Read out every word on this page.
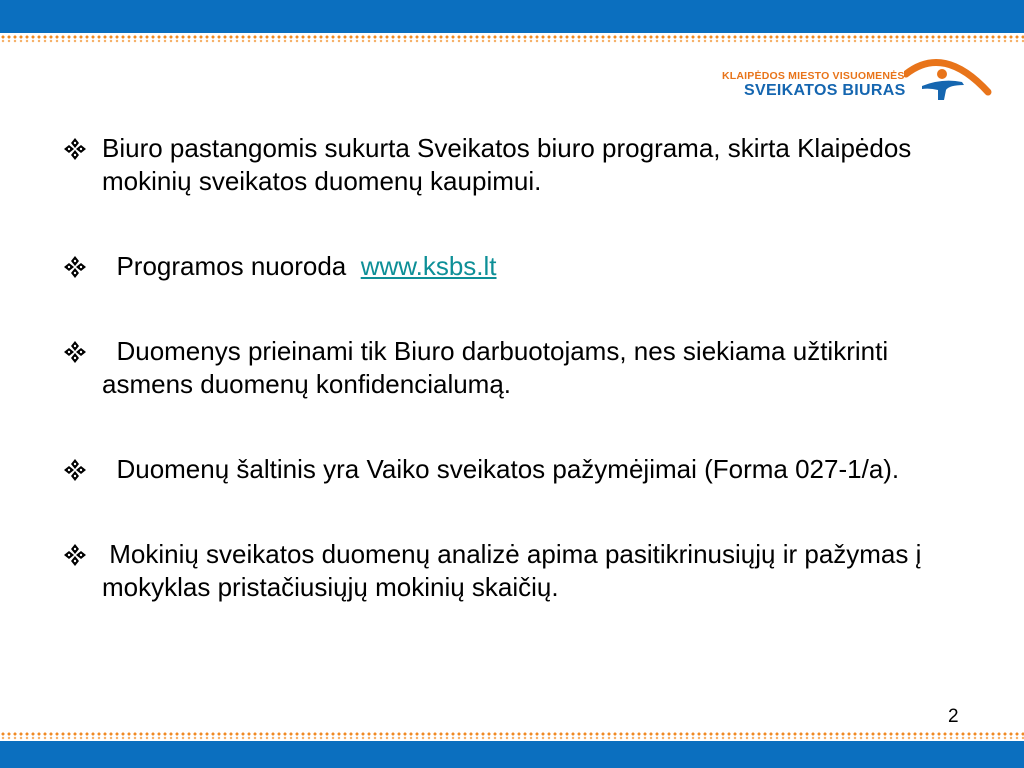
KLAIPĖDOS MIESTO VISUOMENĖS
SVEIKATOS BIURAS
Biuro pastangomis sukurta Sveikatos biuro programa, skirta Klaipėdos mokinių sveikatos duomenų kaupimui.
Programos nuoroda  www.ksbs.lt
Duomenys prieinami tik Biuro darbuotojams, nes siekiama užtikrinti asmens duomenų konfidencialumą.
Duomenų šaltinis yra Vaiko sveikatos pažymėjimai (Forma 027-1/a).
Mokinių sveikatos duomenų analizė apima pasitikrinusiųjų ir pažymas į mokyklas pristačiusiųjų mokinių skaičių.
2
